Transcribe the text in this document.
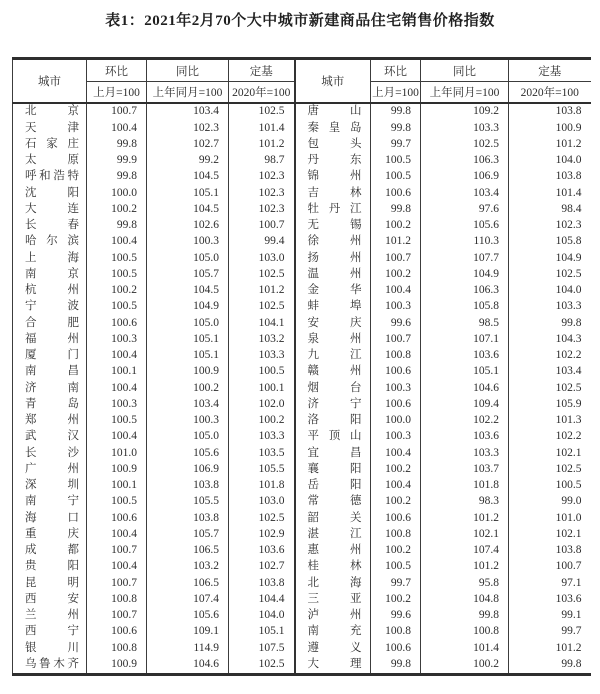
表1：2021年2月70个大中城市新建商品住宅销售价格指数
城市	环比	同比	定基	城市	环比	同比	定基
	上月=100	上年同月=100	2020年=100		上月=100	上年同月=100	2020年=100

北 京	100.7	103.4	102.5	唐 山	99.8	109.2	103.8

天 津	100.4	102.3	101.4	秦 皇 岛	99.8	103.3	100.9

石 家 庄	99.8	102.7	101.2	包 头	99.7	102.5	101.2

太 原	99.9	99.2	98.7	丹 东	100.5	106.3	104.0

呼 和 浩 特	99.8	104.5	102.3	锦 州	100.5	106.9	103.8

沈 阳	100.0	105.1	102.3	吉 林	100.6	103.4	101.4

大 连	100.2	104.5	102.3	牡 丹 江	99.8	97.6	98.4

长 春	99.8	102.6	100.7	无 锡	100.2	105.6	102.3

哈 尔 滨	100.4	100.3	99.4	徐 州	101.2	110.3	105.8

上 海	100.5	105.0	103.0	扬 州	100.7	107.7	104.9

南 京	100.5	105.7	102.5	温 州	100.2	104.9	102.5

杭 州	100.2	104.5	101.2	金 华	100.4	106.3	104.0

宁 波	100.5	104.9	102.5	蚌 埠	100.3	105.8	103.3

合 肥	100.6	105.0	104.1	安 庆	99.6	98.5	99.8

福 州	100.3	105.1	103.2	泉 州	100.7	107.1	104.3

厦 门	100.4	105.1	103.3	九 江	100.8	103.6	102.2

南 昌	100.1	100.9	100.5	赣 州	100.6	105.1	103.4

济 南	100.4	100.2	100.1	烟 台	100.3	104.6	102.5

青 岛	100.3	103.4	102.0	济 宁	100.6	109.4	105.9

郑 州	100.5	100.3	100.2	洛 阳	100.0	102.2	101.3

武 汉	100.4	105.0	103.3	平 顶 山	100.3	103.6	102.2

长 沙	101.0	105.6	103.5	宜 昌	100.4	103.3	102.1

广 州	100.9	106.9	105.5	襄 阳	100.2	103.7	102.5

深 圳	100.1	103.8	101.8	岳 阳	100.4	101.8	100.5

南 宁	100.5	105.5	103.0	常 德	100.2	98.3	99.0

海 口	100.6	103.8	102.5	韶 关	100.6	101.2	101.0

重 庆	100.4	105.7	102.9	湛 江	100.8	102.1	102.1

成 都	100.7	106.5	103.6	惠 州	100.2	107.4	103.8

贵 阳	100.4	103.2	102.7	桂 林	100.5	101.2	100.7

昆 明	100.7	106.5	103.8	北 海	99.7	95.8	97.1

西 安	100.8	107.4	104.4	三 亚	100.2	104.8	103.6

兰 州	100.7	105.6	104.0	泸 州	99.6	99.8	99.1

西 宁	100.6	109.1	105.1	南 充	100.8	100.8	99.7

银 川	100.8	114.9	107.5	遵 义	100.6	101.4	101.2

乌 鲁 木 齐	100.9	104.6	102.5	大 理	99.8	100.2	99.8
